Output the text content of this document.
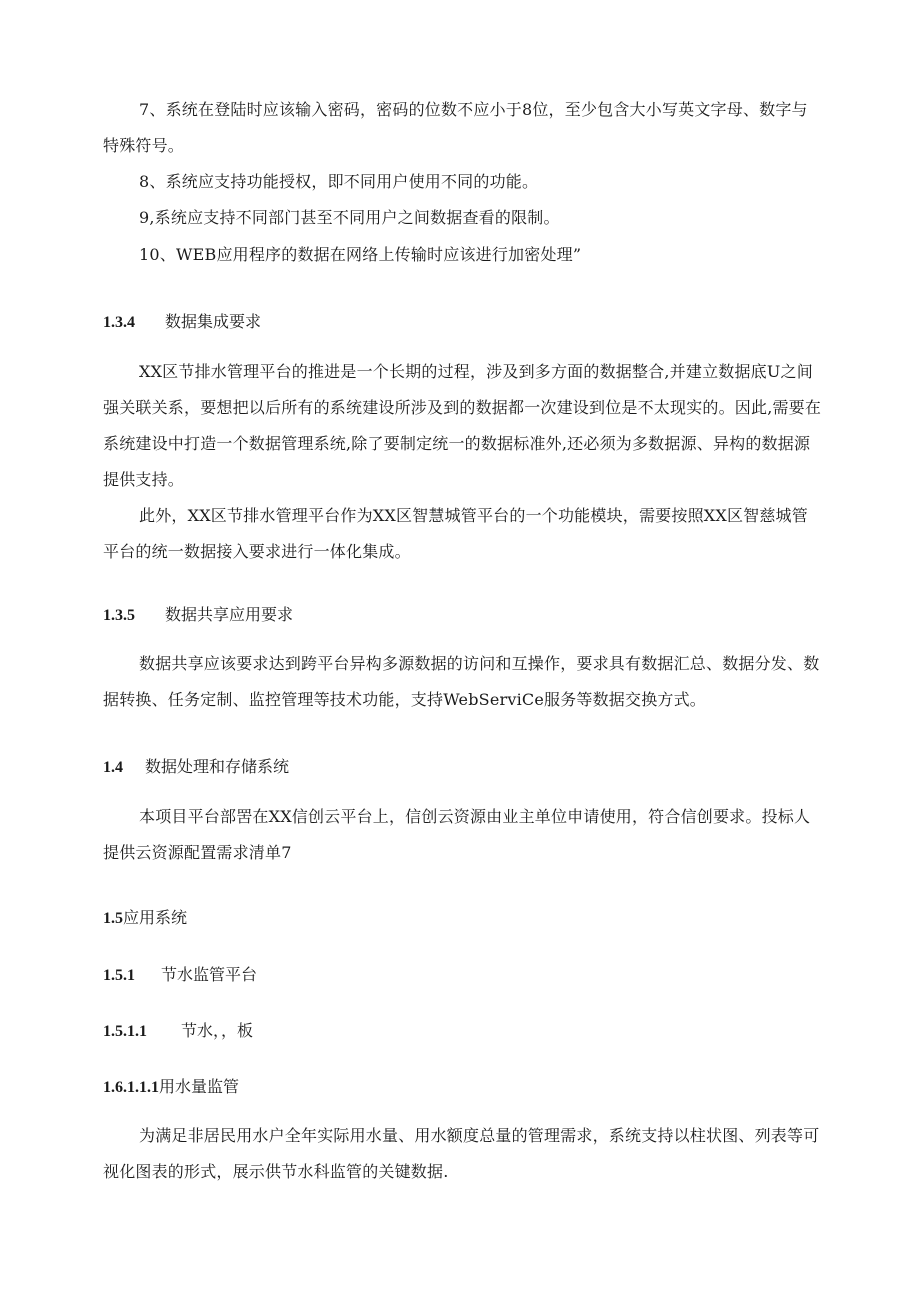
7、系统在登陆时应该输入密码，密码的位数不应小于8位，至少包含大小写英文字母、数字与特殊符号。

8、系统应支持功能授权，即不同用户使用不同的功能。

9,系统应支持不同部门甚至不同用户之间数据查看的限制。

10、WEB应用程序的数据在网络上传输时应该进行加密处理”

1.3.4 数据集成要求

XX区节排水管理平台的推进是一个长期的过程，涉及到多方面的数据整合,并建立数据底U之间强关联关系，要想把以后所有的系统建设所涉及到的数据都一次建设到位是不太现实的。因此,需要在系统建设中打造一个数据管理系统,除了要制定统一的数据标准外,还必须为多数据源、异构的数据源提供支持。

此外，XX区节排水管理平台作为XX区智慧城管平台的一个功能模块，需要按照XX区智慈城管平台的统一数据接入要求进行一体化集成。

1.3.5 数据共享应用要求

数据共享应该要求达到跨平台异构多源数据的访问和互操作，要求具有数据汇总、数据分发、数据转换、任务定制、监控管理等技术功能，支持WebServiCe服务等数据交换方式。

1.4 数据处理和存储系统

本项目平台部罟在XX信创云平台上，信创云资源由业主单位申请使用，符合信创要求。投标人提供云资源配置需求清单7

1.5应用系统
1.5.1 节水监管平台
1.5.1.1 节水，，板
1.6.1.1.1用水量监管

为满足非居民用水户全年实际用水量、用水额度总量的管理需求，系统支持以柱状图、列表等可视化图表的形式，展示供节水科监管的关键数据.
